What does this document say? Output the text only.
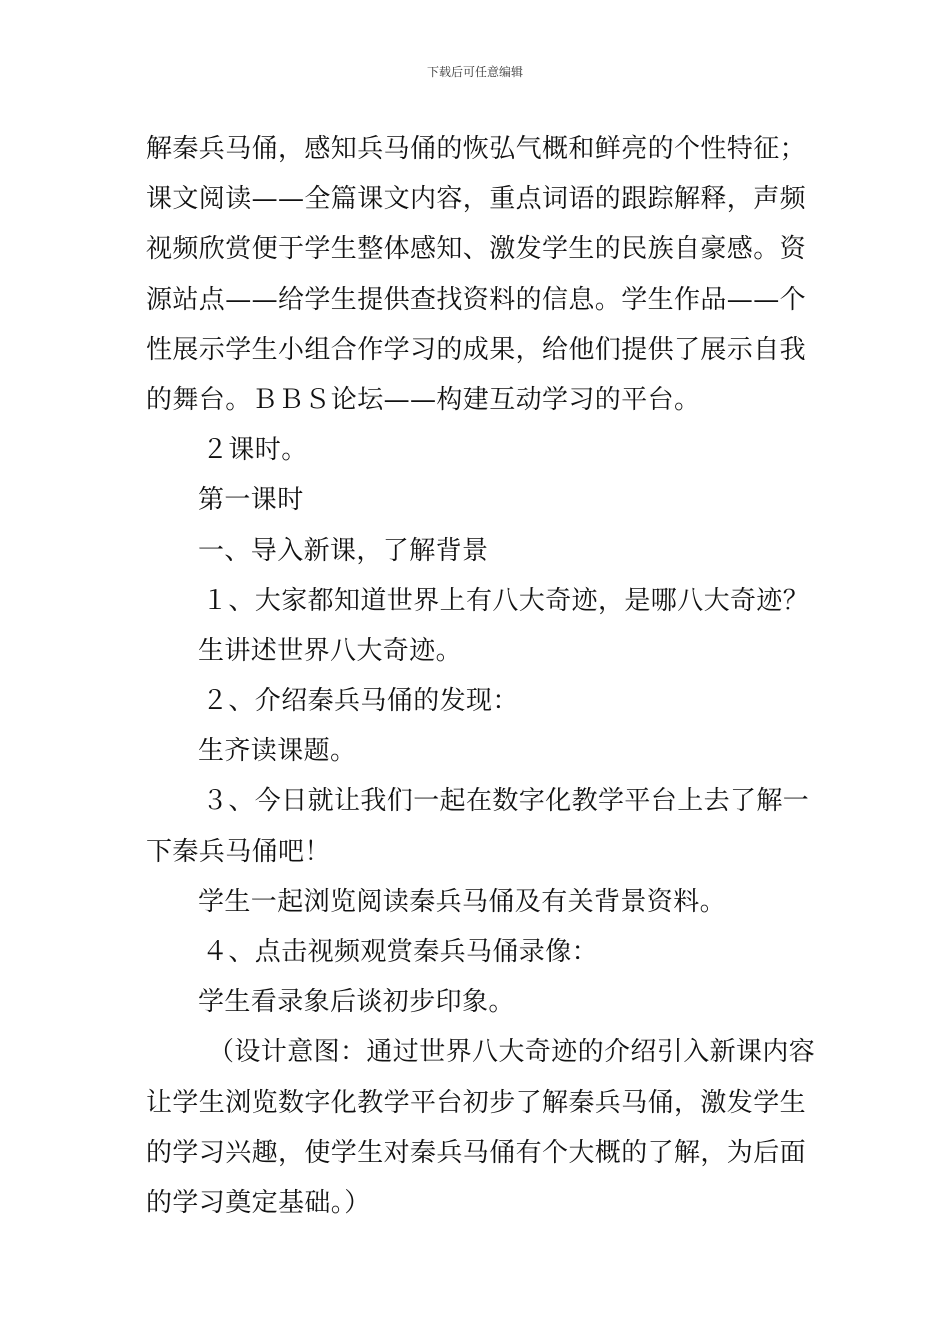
下载后可任意编辑
解秦兵马俑，感知兵马俑的恢弘气概和鲜亮的个性特征；
课文阅读——全篇课文内容，重点词语的跟踪解释，声频
视频欣赏便于学生整体感知、激发学生的民族自豪感。资
源站点——给学生提供查找资料的信息。学生作品——个
性展示学生小组合作学习的成果，给他们提供了展示自我
的舞台。ＢＢＳ论坛——构建互动学习的平台。
２课时。
第一课时
一、导入新课，了解背景
１、大家都知道世界上有八大奇迹，是哪八大奇迹？
生讲述世界八大奇迹。
２、介绍秦兵马俑的发现：
生齐读课题。
３、今日就让我们一起在数字化教学平台上去了解一
下秦兵马俑吧！
学生一起浏览阅读秦兵马俑及有关背景资料。
４、点击视频观赏秦兵马俑录像：
学生看录象后谈初步印象。
（设计意图：通过世界八大奇迹的介绍引入新课内容
让学生浏览数字化教学平台初步了解秦兵马俑，激发学生
的学习兴趣，使学生对秦兵马俑有个大概的了解，为后面
的学习奠定基础。）
